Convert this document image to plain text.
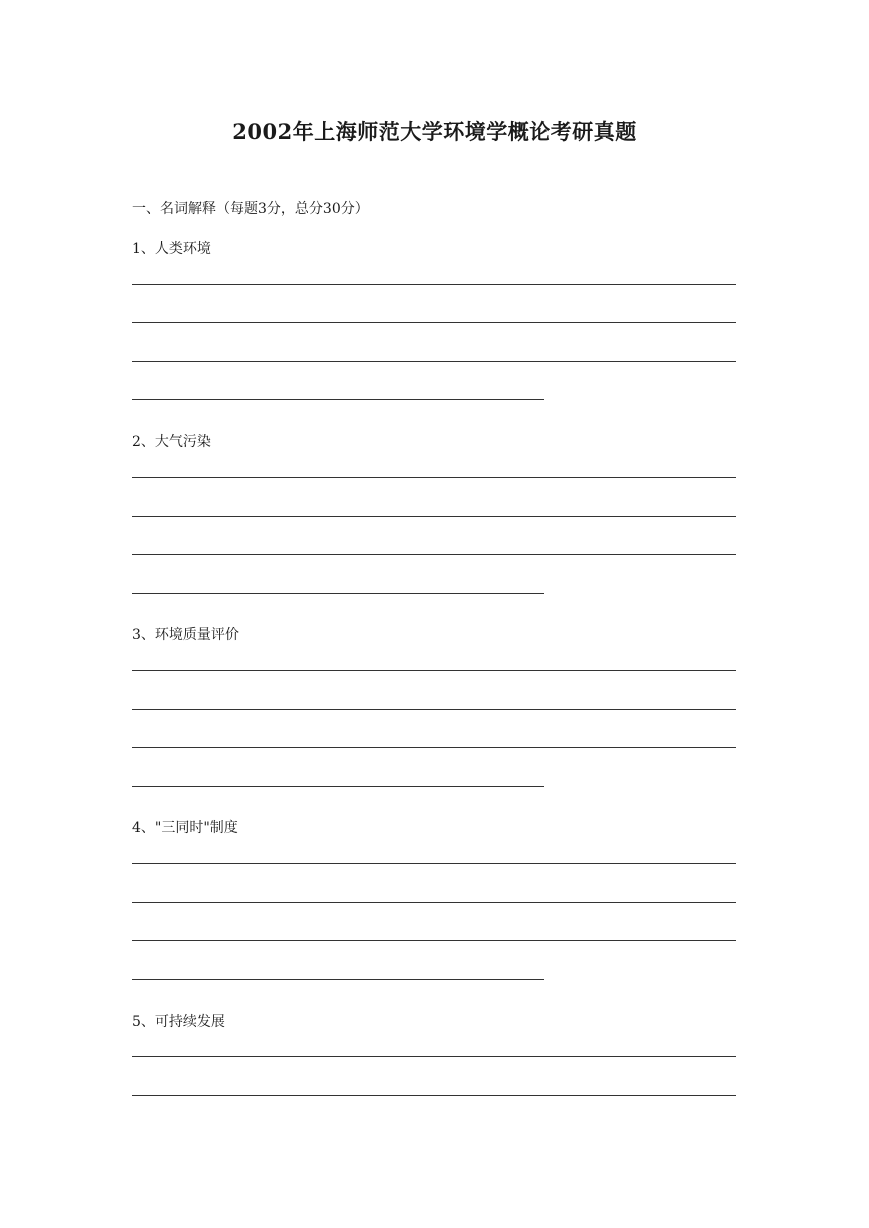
2002年上海师范大学环境学概论考研真题
一、名词解释（每题3分，总分30分）
1、人类环境
2、大气污染
3、环境质量评价
4、"三同时"制度
5、可持续发展
